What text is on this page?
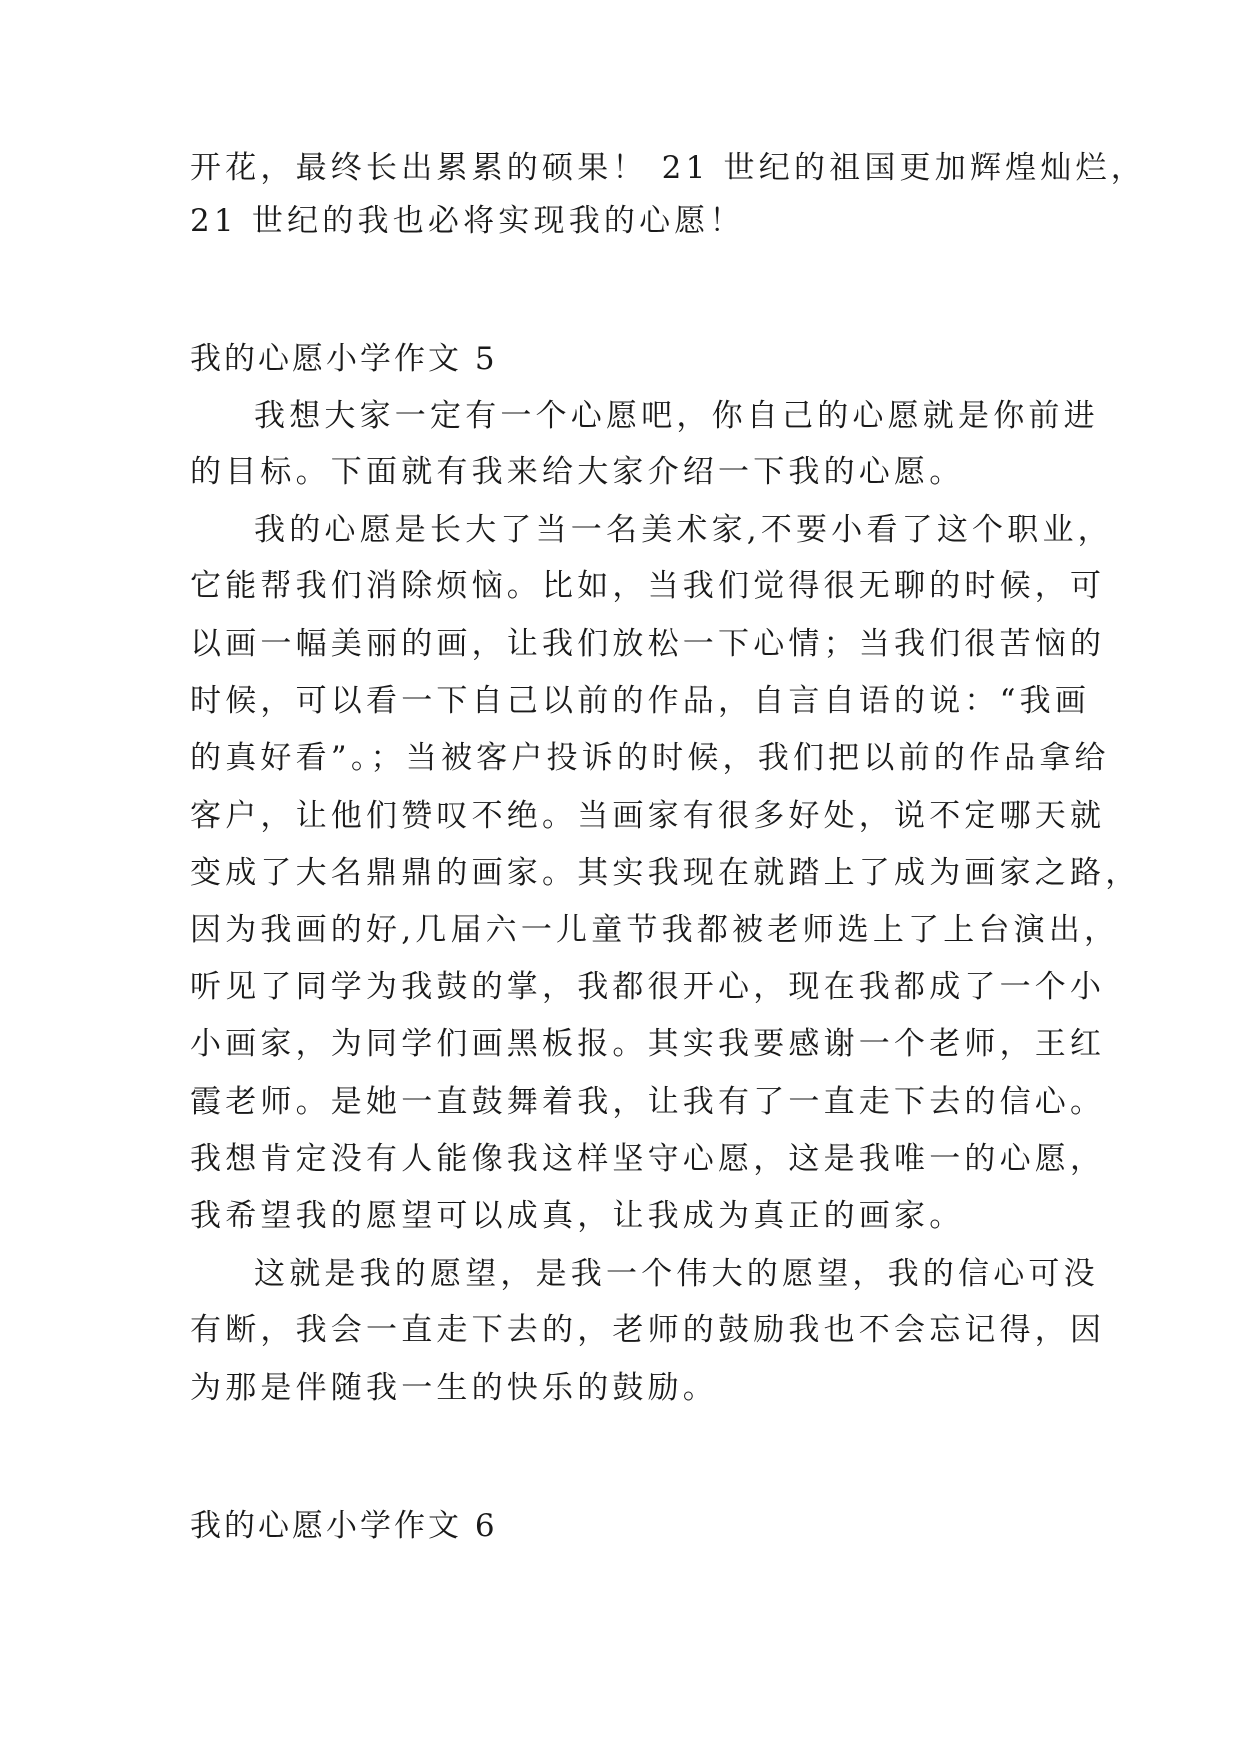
开花，最终长出累累的硕果！ 21 世纪的祖国更加辉煌灿烂，
21 世纪的我也必将实现我的心愿！
我的心愿小学作文 5
我想大家一定有一个心愿吧，你自己的心愿就是你前进
的目标。下面就有我来给大家介绍一下我的心愿。
我的心愿是长大了当一名美术家,不要小看了这个职业，
它能帮我们消除烦恼。比如，当我们觉得很无聊的时候，可
以画一幅美丽的画，让我们放松一下心情；当我们很苦恼的
时候，可以看一下自己以前的作品，自言自语的说：“我画
的真好看”。；当被客户投诉的时候，我们把以前的作品拿给
客户，让他们赞叹不绝。当画家有很多好处，说不定哪天就
变成了大名鼎鼎的画家。其实我现在就踏上了成为画家之路，
因为我画的好,几届六一儿童节我都被老师选上了上台演出，
听见了同学为我鼓的掌，我都很开心，现在我都成了一个小
小画家，为同学们画黑板报。其实我要感谢一个老师，王红
霞老师。是她一直鼓舞着我，让我有了一直走下去的信心。
我想肯定没有人能像我这样坚守心愿，这是我唯一的心愿，
我希望我的愿望可以成真，让我成为真正的画家。
这就是我的愿望，是我一个伟大的愿望，我的信心可没
有断，我会一直走下去的，老师的鼓励我也不会忘记得，因
为那是伴随我一生的快乐的鼓励。
我的心愿小学作文 6
